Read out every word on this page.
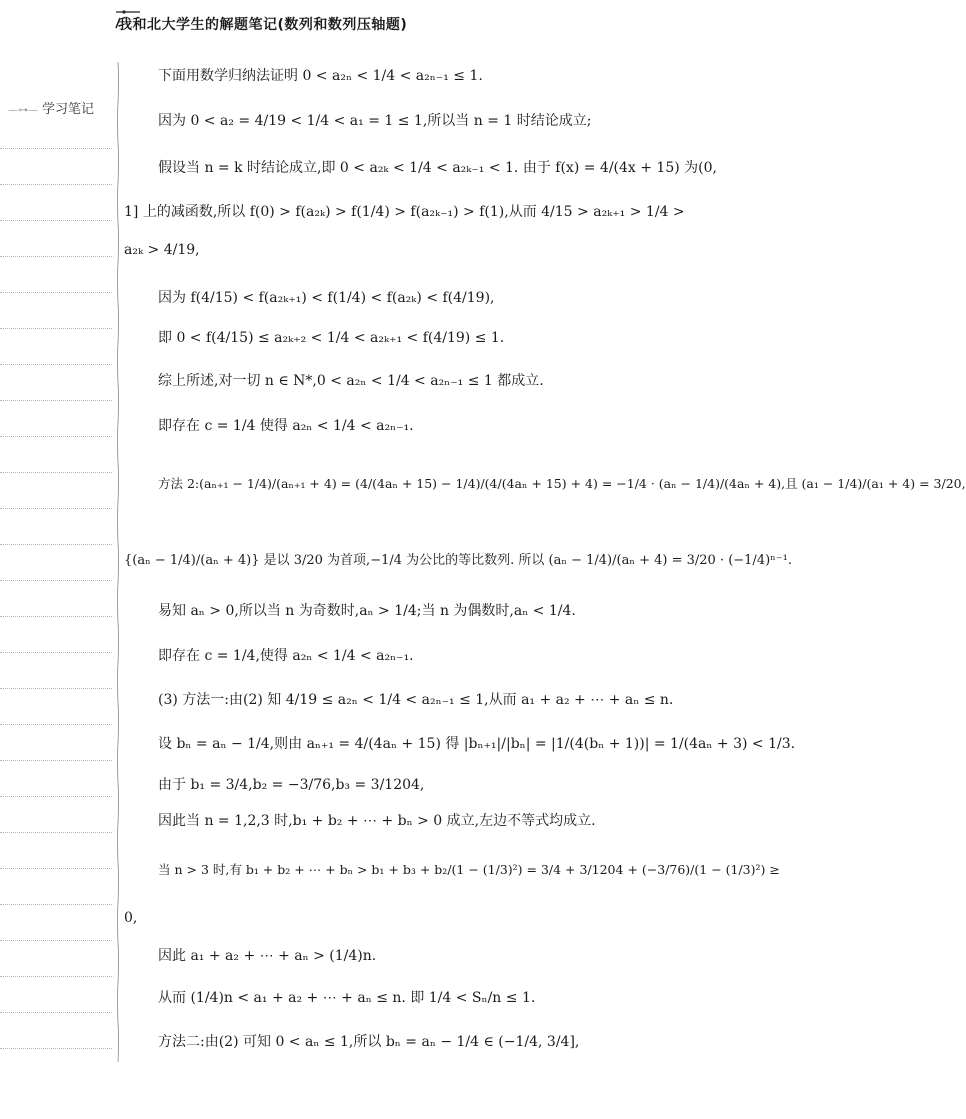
我和北大学生的解题笔记(数列和数列压轴题)
—⊶— 学习笔记
下面用数学归纳法证明 0 < a₂ₙ < 1/4 < a₂ₙ₋₁ ≤ 1.
因为 0 < a₂ = 4/19 < 1/4 < a₁ = 1 ≤ 1,所以当 n = 1 时结论成立;
假设当 n = k 时结论成立,即 0 < a₂ₖ < 1/4 < a₂ₖ₋₁ < 1. 由于 f(x) = 4/(4x + 15) 为(0,
1] 上的减函数,所以 f(0) > f(a₂ₖ) > f(1/4) > f(a₂ₖ₋₁) > f(1),从而 4/15 > a₂ₖ₊₁ > 1/4 >
a₂ₖ > 4/19,
因为 f(4/15) < f(a₂ₖ₊₁) < f(1/4) < f(a₂ₖ) < f(4/19),
即 0 < f(4/15) ≤ a₂ₖ₊₂ < 1/4 < a₂ₖ₊₁ < f(4/19) ≤ 1.
综上所述,对一切 n ∈ N*,0 < a₂ₙ < 1/4 < a₂ₙ₋₁ ≤ 1 都成立.
即存在 c = 1/4 使得 a₂ₙ < 1/4 < a₂ₙ₋₁.
方法 2:(aₙ₊₁ − 1/4)/(aₙ₊₁ + 4) = (4/(4aₙ + 15) − 1/4)/(4/(4aₙ + 15) + 4) = −1/4 · (aₙ − 1/4)/(4aₙ + 4),且 (a₁ − 1/4)/(a₁ + 4) = 3/20,
{(aₙ − 1/4)/(aₙ + 4)} 是以 3/20 为首项,−1/4 为公比的等比数列. 所以 (aₙ − 1/4)/(aₙ + 4) = 3/20 · (−1/4)ⁿ⁻¹.
易知 aₙ > 0,所以当 n 为奇数时,aₙ > 1/4;当 n 为偶数时,aₙ < 1/4.
即存在 c = 1/4,使得 a₂ₙ < 1/4 < a₂ₙ₋₁.
(3) 方法一:由(2) 知 4/19 ≤ a₂ₙ < 1/4 < a₂ₙ₋₁ ≤ 1,从而 a₁ + a₂ + ⋯ + aₙ ≤ n.
设 bₙ = aₙ − 1/4,则由 aₙ₊₁ = 4/(4aₙ + 15) 得 |bₙ₊₁|/|bₙ| = |1/(4(bₙ + 1))| = 1/(4aₙ + 3) < 1/3.
由于 b₁ = 3/4,b₂ = −3/76,b₃ = 3/1204,
因此当 n = 1,2,3 时,b₁ + b₂ + ⋯ + bₙ > 0 成立,左边不等式均成立.
当 n > 3 时,有 b₁ + b₂ + ⋯ + bₙ > b₁ + b₃ + b₂/(1 − (1/3)²) = 3/4 + 3/1204 + (−3/76)/(1 − (1/3)²) ≥
0,
因此 a₁ + a₂ + ⋯ + aₙ > (1/4)n.
从而 (1/4)n < a₁ + a₂ + ⋯ + aₙ ≤ n. 即 1/4 < Sₙ/n ≤ 1.
方法二:由(2) 可知 0 < aₙ ≤ 1,所以 bₙ = aₙ − 1/4 ∈ (−1/4, 3/4],
